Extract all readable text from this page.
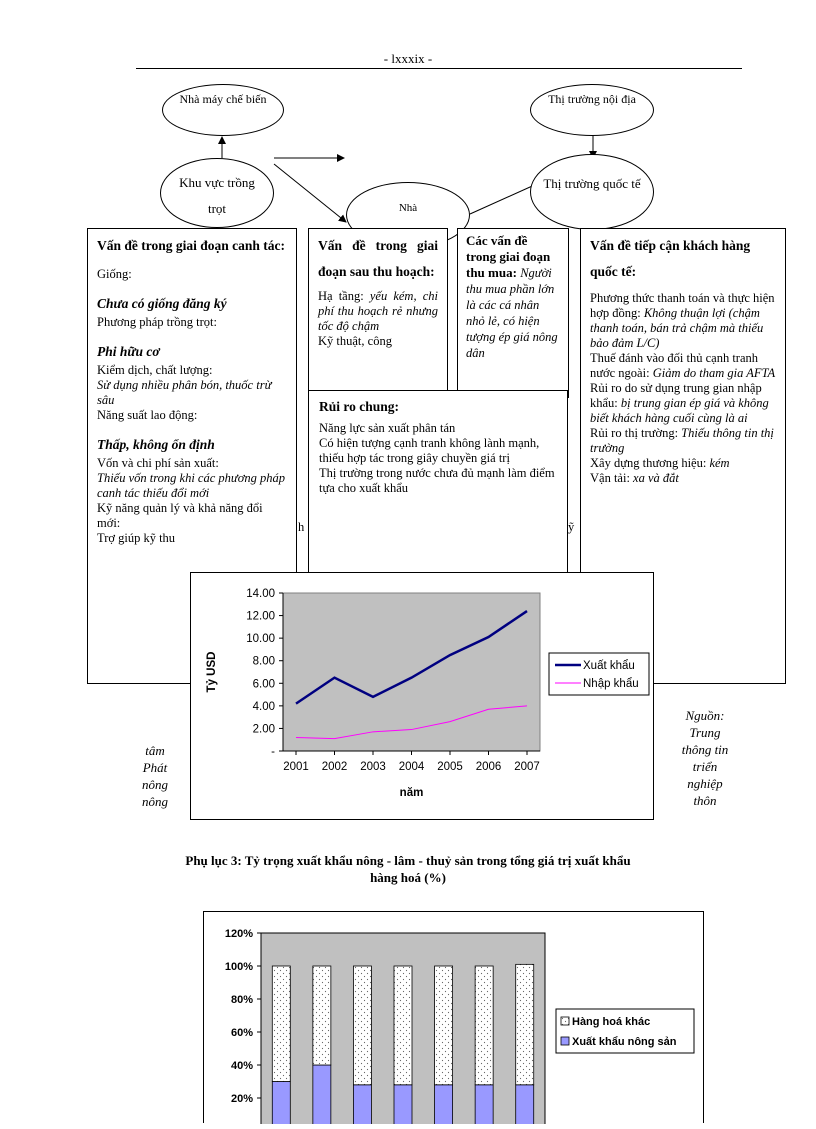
- lxxxix -
Nhà máy chế biến	Thị trường nội địa
Khu vực trồng trọt	Nhà
Thị trường quốc tế
Vấn đề trong giai đoạn canh tác:

Giống:

Chưa có giống đăng ký

Phương pháp trồng trọt:

Phi hữu cơ

Kiểm dịch, chất lượng:

Sử dụng nhiều phân bón, thuốc trừ sâu

Năng suất lao động:

Thấp, không ổn định

Vốn và chi phí sản xuất:

Thiếu vốn trong khi các phương pháp canh tác thiếu đổi mới

Kỹ năng quản lý và khả năng đổi mới:

Trợ giúp kỹ thu

Vấn đề trong giai đoạn sau thu hoạch:

Hạ tầng: yếu kém, chi phí thu hoạch rẻ nhưng tốc độ chậm

Kỹ thuật, công

Các vấn đề trong giai đoạn thu mua: Người thu mua phần lớn là các cá nhân nhỏ lẻ, có hiện tượng ép giá nông dân

Vấn đề tiếp cận khách hàng quốc tế:

Phương thức thanh toán và thực hiện hợp đồng: Không thuận lợi (chậm thanh toán, bán trả chậm mà thiếu bảo đảm L/C)

Thuế đánh vào đối thủ cạnh tranh nước ngoài: Giảm do tham gia AFTA

Rủi ro do sử dụng trung gian nhập khẩu: bị trung gian ép giá và không biết khách hàng cuối cùng là ai

Rủi ro thị trường: Thiếu thông tin thị trường

Xây dựng thương hiệu: kém

Vận tải: xa và đắt

Rủi ro chung:

Năng lực sản xuất phân tán

Có hiện tượng cạnh tranh không lành mạnh, thiếu hợp tác trong giây chuyền giá trị

Thị trường trong nước chưa đủ mạnh làm điểm tựa cho xuất khẩu

h	ỹ
tâm
Phát
nông
nông
Nguồn:
Trung
thông tin
triển
nghiệp
thôn
-
2.00
4.00
6.00
8.00
10.00
12.00
14.00
2001 2002 2003 2004 2005 2006 2007
năm
Tỷ USD	Xuất khẩu
Nhập khẩu
Phụ lục 3: Tỷ trọng xuất khẩu nông - lâm - thuỷ sản trong tổng giá trị xuất khẩu
hàng hoá (%)
20%
40%
60%
80%
100%
120%
Hàng hoá khác
Xuất khẩu nông sản
